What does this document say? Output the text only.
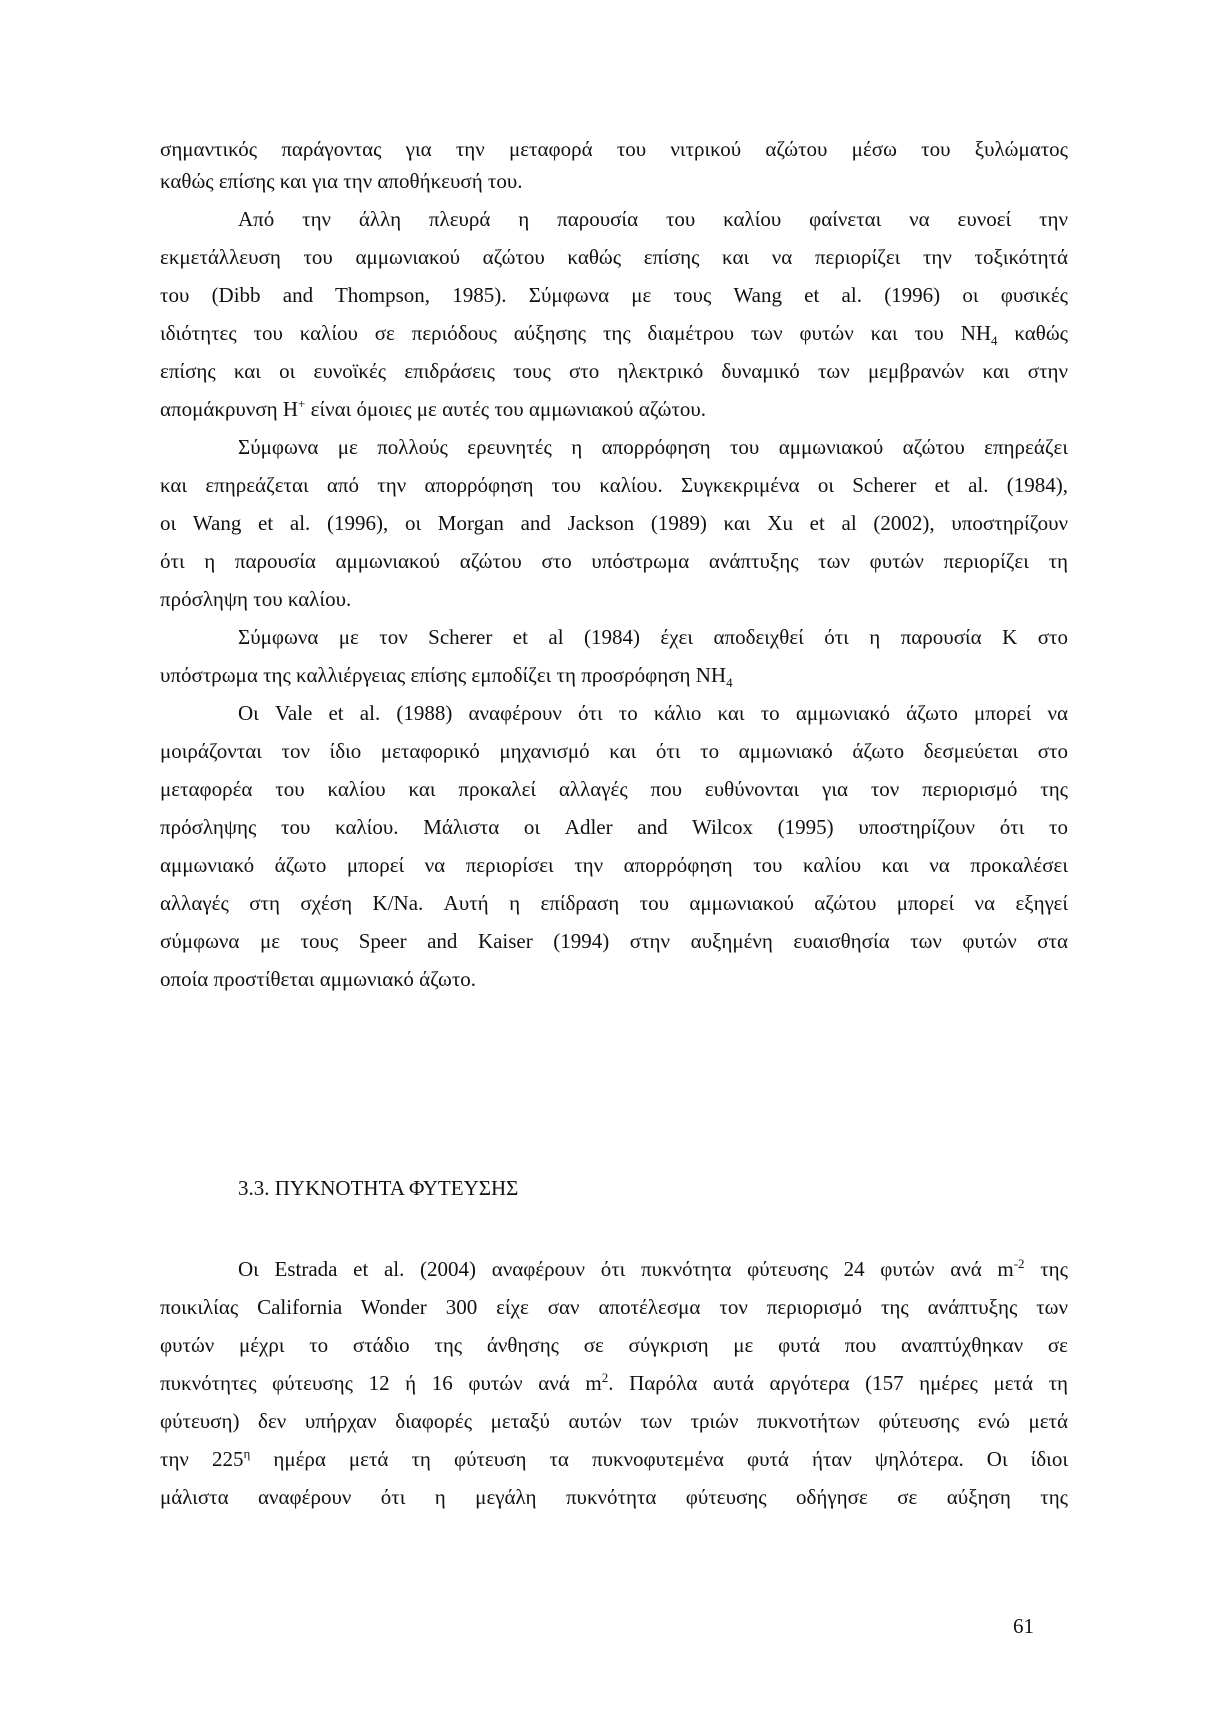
σημαντικός παράγοντας για την μεταφορά του νιτρικού αζώτου μέσω του ξυλώματος
καθώς επίσης και για την αποθήκευσή του.
Από την άλλη πλευρά η παρουσία του καλίου φαίνεται να ευνοεί την
εκμετάλλευση του αμμωνιακού αζώτου καθώς επίσης και να περιορίζει την τοξικότητά
του (Dibb and Thompson, 1985). Σύμφωνα με τους Wang et al. (1996) οι φυσικές
ιδιότητες του καλίου σε περιόδους αύξησης της διαμέτρου των φυτών και του $NH_4$ καθώς
επίσης και οι ευνοϊκές επιδράσεις τους στο ηλεκτρικό δυναμικό των μεμβρανών και στην
απομάκρυνση H+ είναι όμοιες με αυτές του αμμωνιακού αζώτου.
Σύμφωνα με πολλούς ερευνητές η απορρόφηση του αμμωνιακού αζώτου επηρεάζει
και επηρεάζεται από την απορρόφηση του καλίου. Συγκεκριμένα οι Scherer et al. (1984),
οι Wang et al. (1996), οι Morgan and Jackson (1989) και Xu et al (2002), υποστηρίζουν
ότι η παρουσία αμμωνιακού αζώτου στο υπόστρωμα ανάπτυξης των φυτών περιορίζει τη
πρόσληψη του καλίου.
Σύμφωνα με τον Scherer et al (1984) έχει αποδειχθεί ότι η παρουσία K στο
υπόστρωμα της καλλιέργειας επίσης εμποδίζει τη προσρόφηση $NH_4$
Οι Vale et al. (1988) αναφέρουν ότι το κάλιο και το αμμωνιακό άζωτο μπορεί να
μοιράζονται τον ίδιο μεταφορικό μηχανισμό και ότι το αμμωνιακό άζωτο δεσμεύεται στο
μεταφορέα του καλίου και προκαλεί αλλαγές που ευθύνονται για τον περιορισμό της
πρόσληψης του καλίου. Μάλιστα οι Adler and Wilcox (1995) υποστηρίζουν ότι το
αμμωνιακό άζωτο μπορεί να περιορίσει την απορρόφηση του καλίου και να προκαλέσει
αλλαγές στη σχέση K/Na. Αυτή η επίδραση του αμμωνιακού αζώτου μπορεί να εξηγεί
σύμφωνα με τους Speer and Kaiser (1994) στην αυξημένη ευαισθησία των φυτών στα
οποία προστίθεται αμμωνιακό άζωτο.
3.3. ΠΥΚΝΟΤΗΤΑ ΦΥΤΕΥΣΗΣ
Οι Estrada et al. (2004) αναφέρουν ότι πυκνότητα φύτευσης 24 φυτών ανά $m^{-2}$ της
ποικιλίας California Wonder 300 είχε σαν αποτέλεσμα τον περιορισμό της ανάπτυξης των
φυτών μέχρι το στάδιο της άνθησης σε σύγκριση με φυτά που αναπτύχθηκαν σε
πυκνότητες φύτευσης 12 ή 16 φυτών ανά $m^2$. Παρόλα αυτά αργότερα (157 ημέρες μετά τη
φύτευση) δεν υπήρχαν διαφορές μεταξύ αυτών των τριών πυκνοτήτων φύτευσης ενώ μετά
την $225^\eta$ ημέρα μετά τη φύτευση τα πυκνοφυτεμένα φυτά ήταν ψηλότερα. Οι ίδιοι
μάλιστα αναφέρουν ότι η μεγάλη πυκνότητα φύτευσης οδήγησε σε αύξηση της
61
